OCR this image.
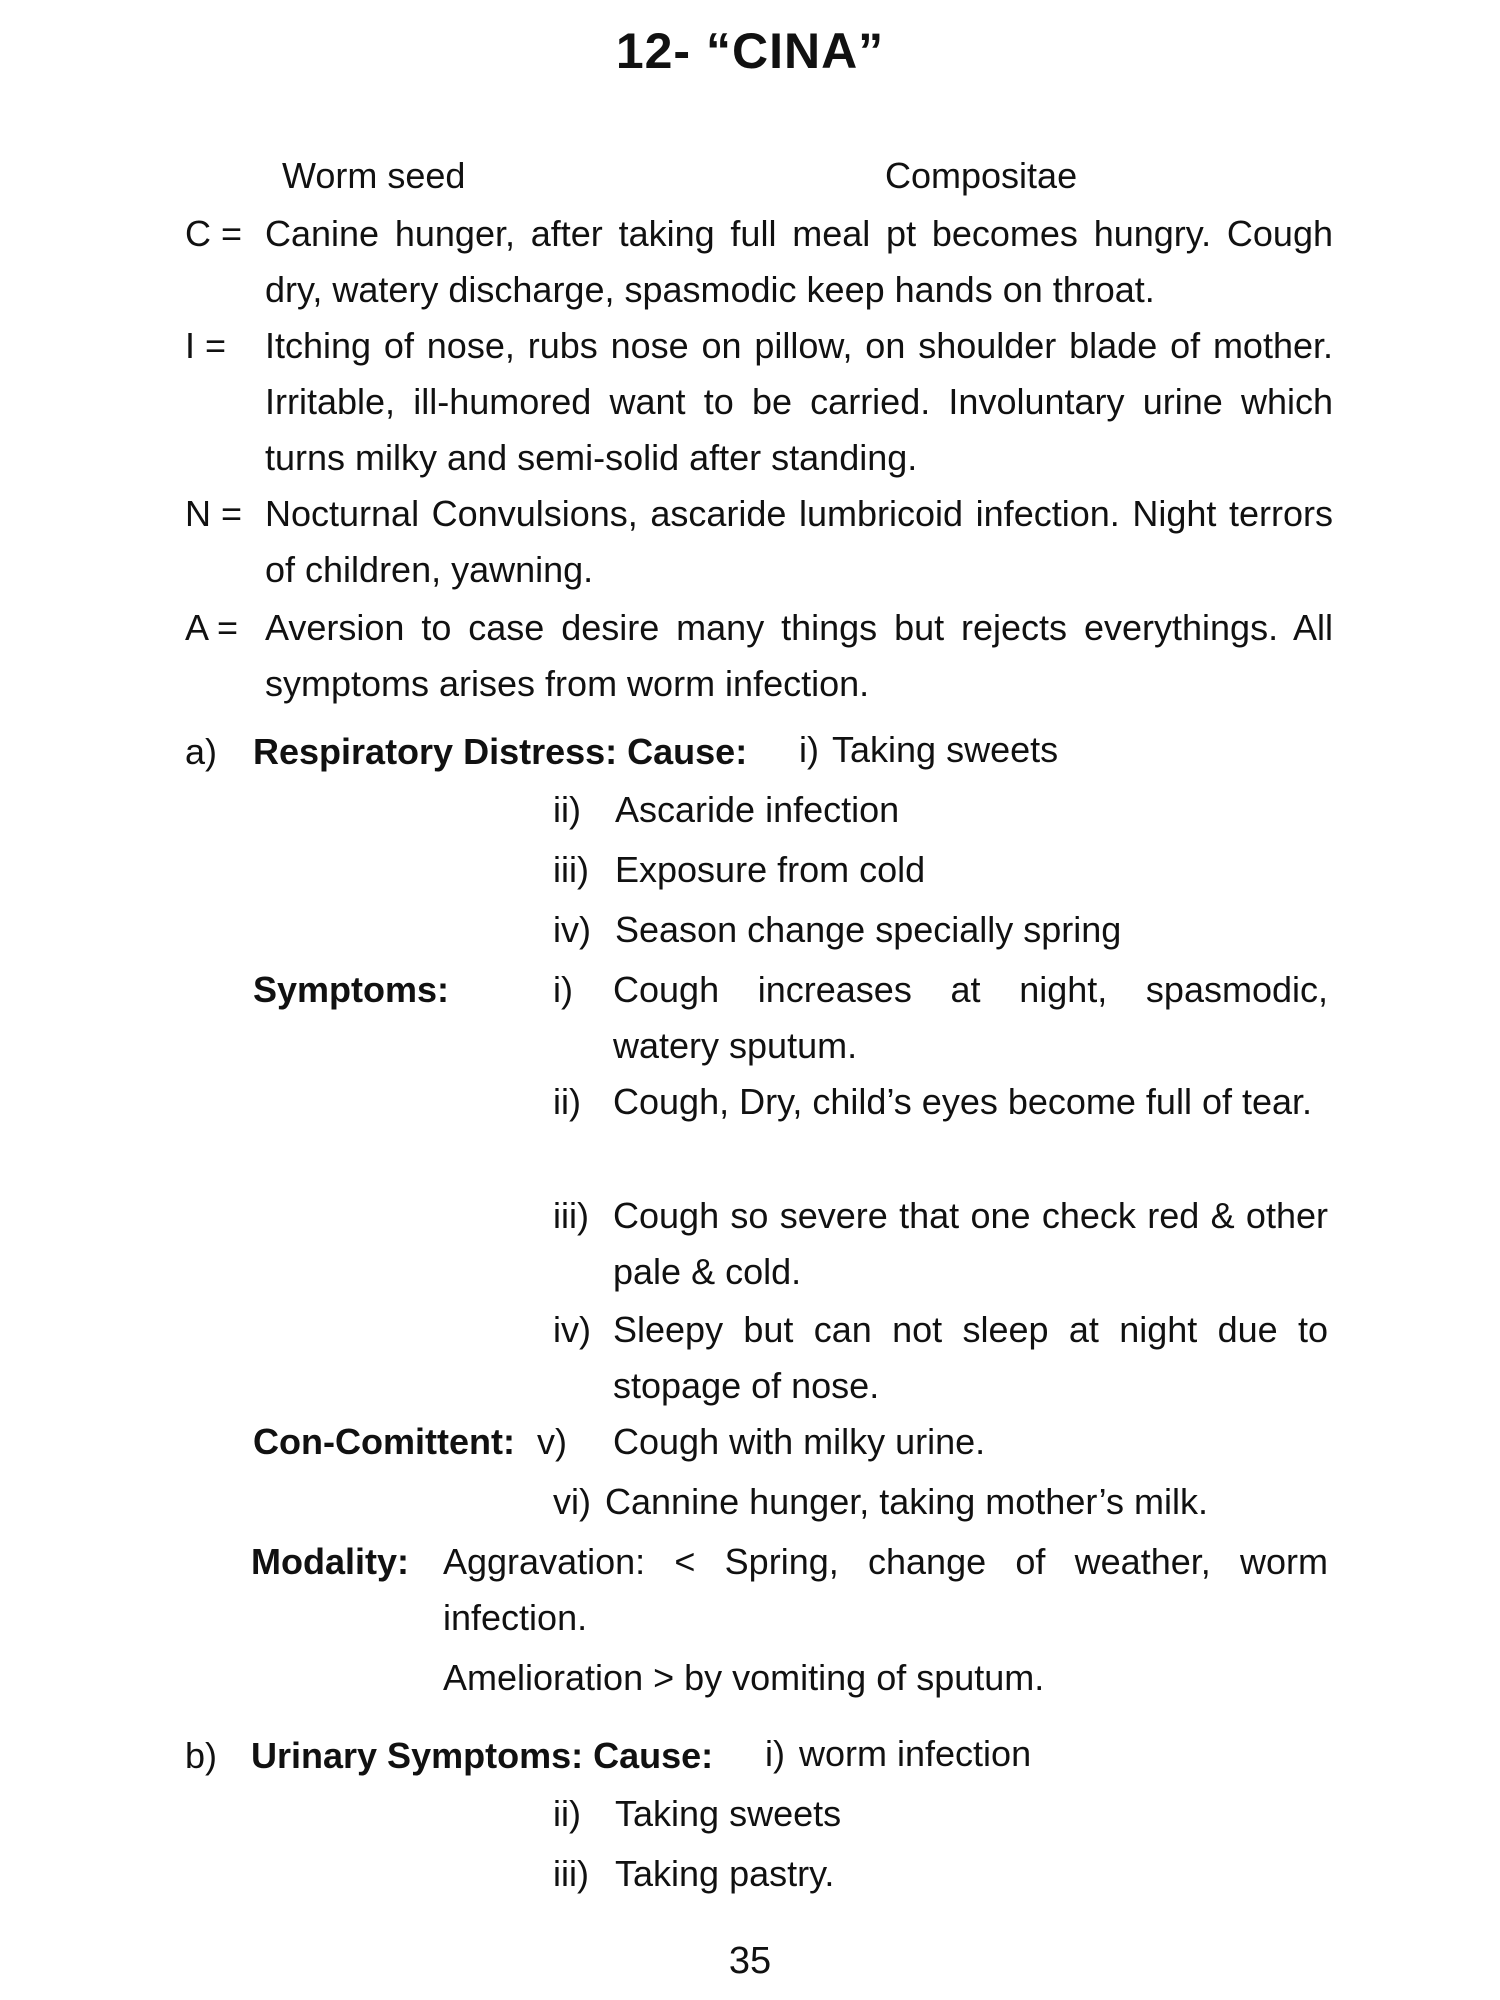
12- “CINA”
Worm seed	Compositae
C = Canine hunger, after taking full meal pt becomes hungry. Cough dry, watery discharge, spasmodic keep hands on throat.
I = Itching of nose, rubs nose on pillow, on shoulder blade of mother. Irritable, ill-humored want to be carried. Involuntary urine which turns milky and semi-solid after standing.
N = Nocturnal Convulsions, ascaride lumbricoid infection. Night terrors of children, yawning.
A = Aversion to case desire many things but rejects everythings. All symptoms arises from worm infection.
a) Respiratory Distress: Cause: i) Taking sweets
ii) Ascaride infection
iii) Exposure from cold
iv) Season change specially spring
Symptoms:	i) Cough increases at night, spasmodic, watery sputum.
ii) Cough, Dry, child’s eyes become full of tear.
iii) Cough so severe that one check red & other pale & cold.
iv) Sleepy but can not sleep at night due to stopage of nose.
Con-Comittent: v) Cough with milky urine.
vi) Cannine hunger, taking mother’s milk.
Modality: Aggravation: < Spring, change of weather, worm infection.
Amelioration > by vomiting of sputum.
b) Urinary Symptoms: Cause: i) worm infection
ii) Taking sweets
iii) Taking pastry.
35
